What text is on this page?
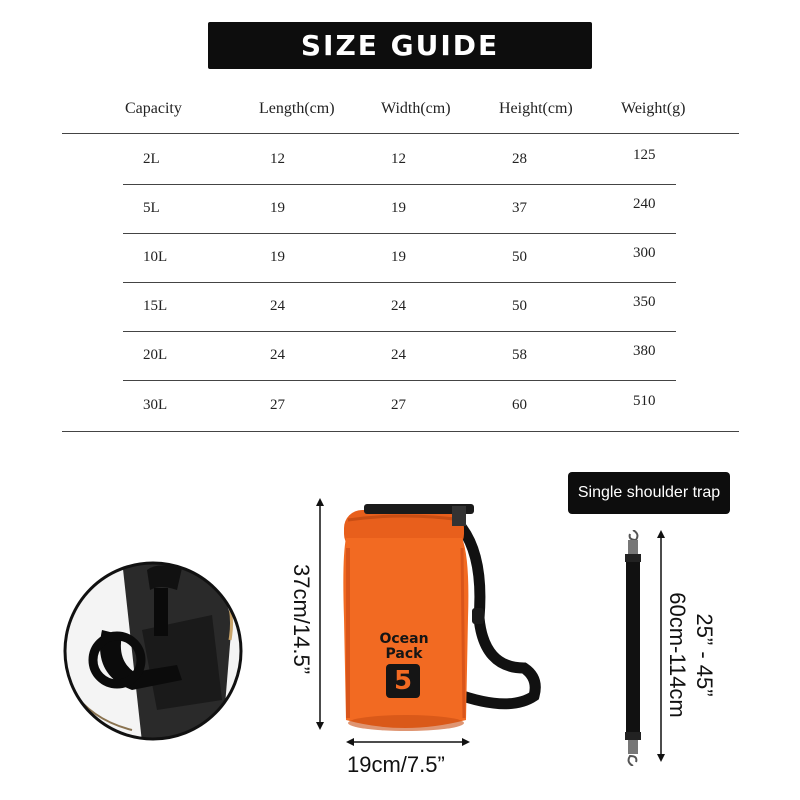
SIZE GUIDE
Capacity	Length(cm)	Width(cm)	Height(cm)	Weight(g)
2L	12	12	28	125
5L	19	19	37	240
10L	19	19	50	300
15L	24	24	50	350
20L	24	24	58	380
30L	27	27	60	510
37cm/14.5”	Ocean
Pack
5
19cm/7.5”
Single shoulder trap
25” - 45”
60cm-114cm
